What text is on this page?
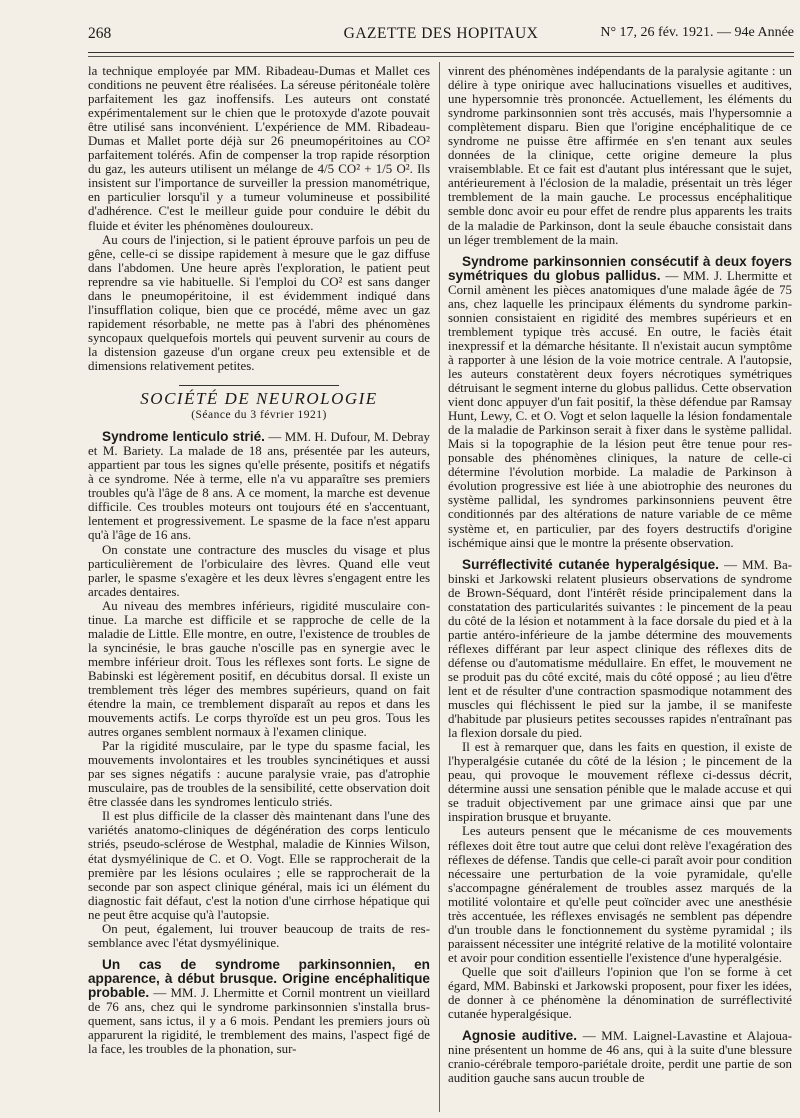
268	GAZETTE DES HOPITAUX	N° 17, 26 fév. 1921. — 94e Année

la technique employée par MM. Ribadeau-Dumas et Mallet ces conditions ne peuvent être réalisées. La séreuse péritonéale tolère parfaitement les gaz inoffensifs. Les auteurs ont constaté expérimentalement sur le chien que le protoxyde d'azote pouvait être utilisé sans inconvénient. L'expérience de MM. Ribadeau-Dumas et Mallet porte déjà sur 26 pneumopéritoines au CO² parfaitement tolérés. Afin de compenser la trop rapide résorption du gaz, les auteurs utilisent un mélange de 4/5 CO² + 1/5 O². Ils insistent sur l'importance de surveiller la pression manométrique, en particulier lorsqu'il y a tumeur volumineuse et possibilité d'adhérence. C'est le meilleur guide pour conduire le débit du fluide et éviter les phénomènes douloureux.

Au cours de l'injection, si le patient éprouve parfois un peu de gêne, celle-ci se dissipe rapidement à mesure que le gaz diffuse dans l'abdomen. Une heure après l'exploration, le patient peut reprendre sa vie habituelle. Si l'emploi du CO² est sans danger dans le pneumopéritoine, il est évidemment indiqué dans l'insufflation colique, bien que ce procédé, même avec un gaz rapidement résorbable, ne mette pas à l'abri des phénomènes syncopaux quelquefois mortels qui peuvent survenir au cours de la distension gazeuse d'un organe creux peu extensible et de dimensions relativement petites.

SOCIÉTÉ DE NEUROLOGIE
(Séance du 3 février 1921)

Syndrome lenticulo strié. — MM. H. Dufour, M. Debray et M. Bariety. La malade de 18 ans, présentée par les auteurs, appartient par tous les signes qu'elle présente, positifs et négatifs à ce syndrome. Née à terme, elle n'a vu apparaître ses premiers troubles qu'à l'âge de 8 ans. A ce moment, la marche est devenue difficile. Ces troubles moteurs ont toujours été en s'accentuant, lentement et progressivement. Le spasme de la face n'est apparu qu'à l'âge de 16 ans.

On constate une contracture des muscles du visage et plus particulièrement de l'orbiculaire des lèvres. Quand elle veut parler, le spasme s'exagère et les deux lèvres s'engagent entre les arcades dentaires.

Au niveau des membres inférieurs, rigidité musculaire continue. La marche est difficile et se rapproche de celle de la maladie de Little. Elle montre, en outre, l'existence de troubles de la syncinésie, le bras gauche n'oscille pas en synergie avec le membre inférieur droit. Tous les réflexes sont forts. Le signe de Babinski est légèrement positif, en décubitus dorsal. Il existe un tremblement très léger des membres supérieurs, quand on fait étendre la main, ce tremblement disparaît au repos et dans les mouvements actifs. Le corps thyroïde est un peu gros. Tous les autres organes semblent normaux à l'examen clinique.

Par la rigidité musculaire, par le type du spasme facial, les mouvements involontaires et les troubles syncinétiques et aussi par ses signes négatifs : aucune paralysie vraie, pas d'atrophie musculaire, pas de troubles de la sensibilité, cette observation doit être classée dans les syndromes lenticulo striés.

Il est plus difficile de la classer dès maintenant dans l'une des variétés anatomo-cliniques de dégénération des corps lenticulo striés, pseudo-sclérose de Westphal, maladie de Kinnies Wilson, état dysmyélinique de C. et O. Vogt. Elle se rapprocherait de la première par les lésions oculaires ; elle se rapprocherait de la seconde par son aspect clinique général, mais ici un élément du diagnostic fait défaut, c'est la notion d'une cirrhose hépatique qui ne peut être acquise qu'à l'autopsie.

On peut, également, lui trouver beaucoup de traits de ressemblance avec l'état dysmyélinique.

Un cas de syndrome parkinsonnien, en apparence, à début brusque. Origine encéphalitique probable. — MM. J. Lhermitte et Cornil montrent un vieillard de 76 ans, chez qui le syndrome parkinsonnien s'installa brusquement, sans ictus, il y a 6 mois. Pendant les premiers jours où apparurent la rigidité, le tremblement des mains, l'aspect figé de la face, les troubles de la phonation, sur-

vinrent des phénomènes indépendants de la paralysie agitante : un délire à type onirique avec hallucinations visuelles et auditives, une hypersomnie très prononcée. Actuellement, les éléments du syndrome parkinsonnien sont très accusés, mais l'hypersomnie a complètement disparu. Bien que l'origine encéphalitique de ce syndrome ne puisse être affirmée en s'en tenant aux seules données de la clinique, cette origine demeure la plus vraisemblable. Et ce fait est d'autant plus intéressant que le sujet, antérieurement à l'éclosion de la maladie, présentait un très léger tremblement de la main gauche. Le processus encéphalitique semble donc avoir eu pour effet de rendre plus apparents les traits de la maladie de Parkinson, dont la seule ébauche consistait dans un léger tremblement de la main.

Syndrome parkinsonnien consécutif à deux foyers symétriques du globus pallidus. — MM. J. Lhermitte et Cornil amènent les pièces anatomiques d'une malade âgée de 75 ans, chez laquelle les principaux éléments du syndrome parkinsonnien consistaient en rigidité des membres supérieurs et en tremblement typique très accusé. En outre, le faciès était inexpressif et la démarche hésitante. Il n'existait aucun symptôme à rapporter à une lésion de la voie motrice centrale. A l'autopsie, les auteurs constatèrent deux foyers nécrotiques symétriques détruisant le segment interne du globus pallidus. Cette observation vient donc appuyer d'un fait positif, la thèse défendue par Ramsay Hunt, Lewy, C. et O. Vogt et selon laquelle la lésion fondamentale de la maladie de Parkinson serait à fixer dans le système pallidal. Mais si la topographie de la lésion peut être tenue pour responsable des phénomènes cliniques, la nature de celle-ci détermine l'évolution morbide. La maladie de Parkinson à évolution progressive est liée à une abiotrophie des neurones du système pallidal, les syndromes parkinsonniens peuvent être conditionnés par des altérations de nature variable de ce même système et, en particulier, par des foyers destructifs d'origine ischémique ainsi que le montre la présente observation.

Surréflectivité cutanée hyperalgésique. — MM. Babinski et Jarkowski relatent plusieurs observations de syndrome de Brown-Séquard, dont l'intérêt réside principalement dans la constatation des particularités suivantes : le pincement de la peau du côté de la lésion et notamment à la face dorsale du pied et à la partie antéro-inférieure de la jambe détermine des mouvements réflexes différant par leur aspect clinique des réflexes dits de défense ou d'automatisme médullaire. En effet, le mouvement ne se produit pas du côté excité, mais du côté opposé ; au lieu d'être lent et de résulter d'une contraction spasmodique notamment des muscles qui fléchissent le pied sur la jambe, il se manifeste d'habitude par plusieurs petites secousses rapides n'entraînant pas la flexion dorsale du pied.

Il est à remarquer que, dans les faits en question, il existe de l'hyperalgésie cutanée du côté de la lésion ; le pincement de la peau, qui provoque le mouvement réflexe ci-dessus décrit, détermine aussi une sensation pénible que le malade accuse et qui se traduit objectivement par une grimace ainsi que par une inspiration brusque et bruyante.

Les auteurs pensent que le mécanisme de ces mouvements réflexes doit être tout autre que celui dont relève l'exagération des réflexes de défense. Tandis que celle-ci paraît avoir pour condition nécessaire une perturbation de la voie pyramidale, qu'elle s'accompagne généralement de troubles assez marqués de la motilité volontaire et qu'elle peut coïncider avec une anesthésie très accentuée, les réflexes envisagés ne semblent pas dépendre d'un trouble dans le fonctionnement du système pyramidal ; ils paraissent nécessiter une intégrité relative de la motilité volontaire et avoir pour condition essentielle l'existence d'une hyperalgésie.

Quelle que soit d'ailleurs l'opinion que l'on se forme à cet égard, MM. Babinski et Jarkowski proposent, pour fixer les idées, de donner à ce phénomène la dénomination de surréflectivité cutanée hyperalgésique.

Agnosie auditive. — MM. Laignel-Lavastine et Alajouanine présentent un homme de 46 ans, qui à la suite d'une blessure cranio-cérébrale temporo-pariétale droite, perdit une partie de son audition gauche sans aucun trouble de
